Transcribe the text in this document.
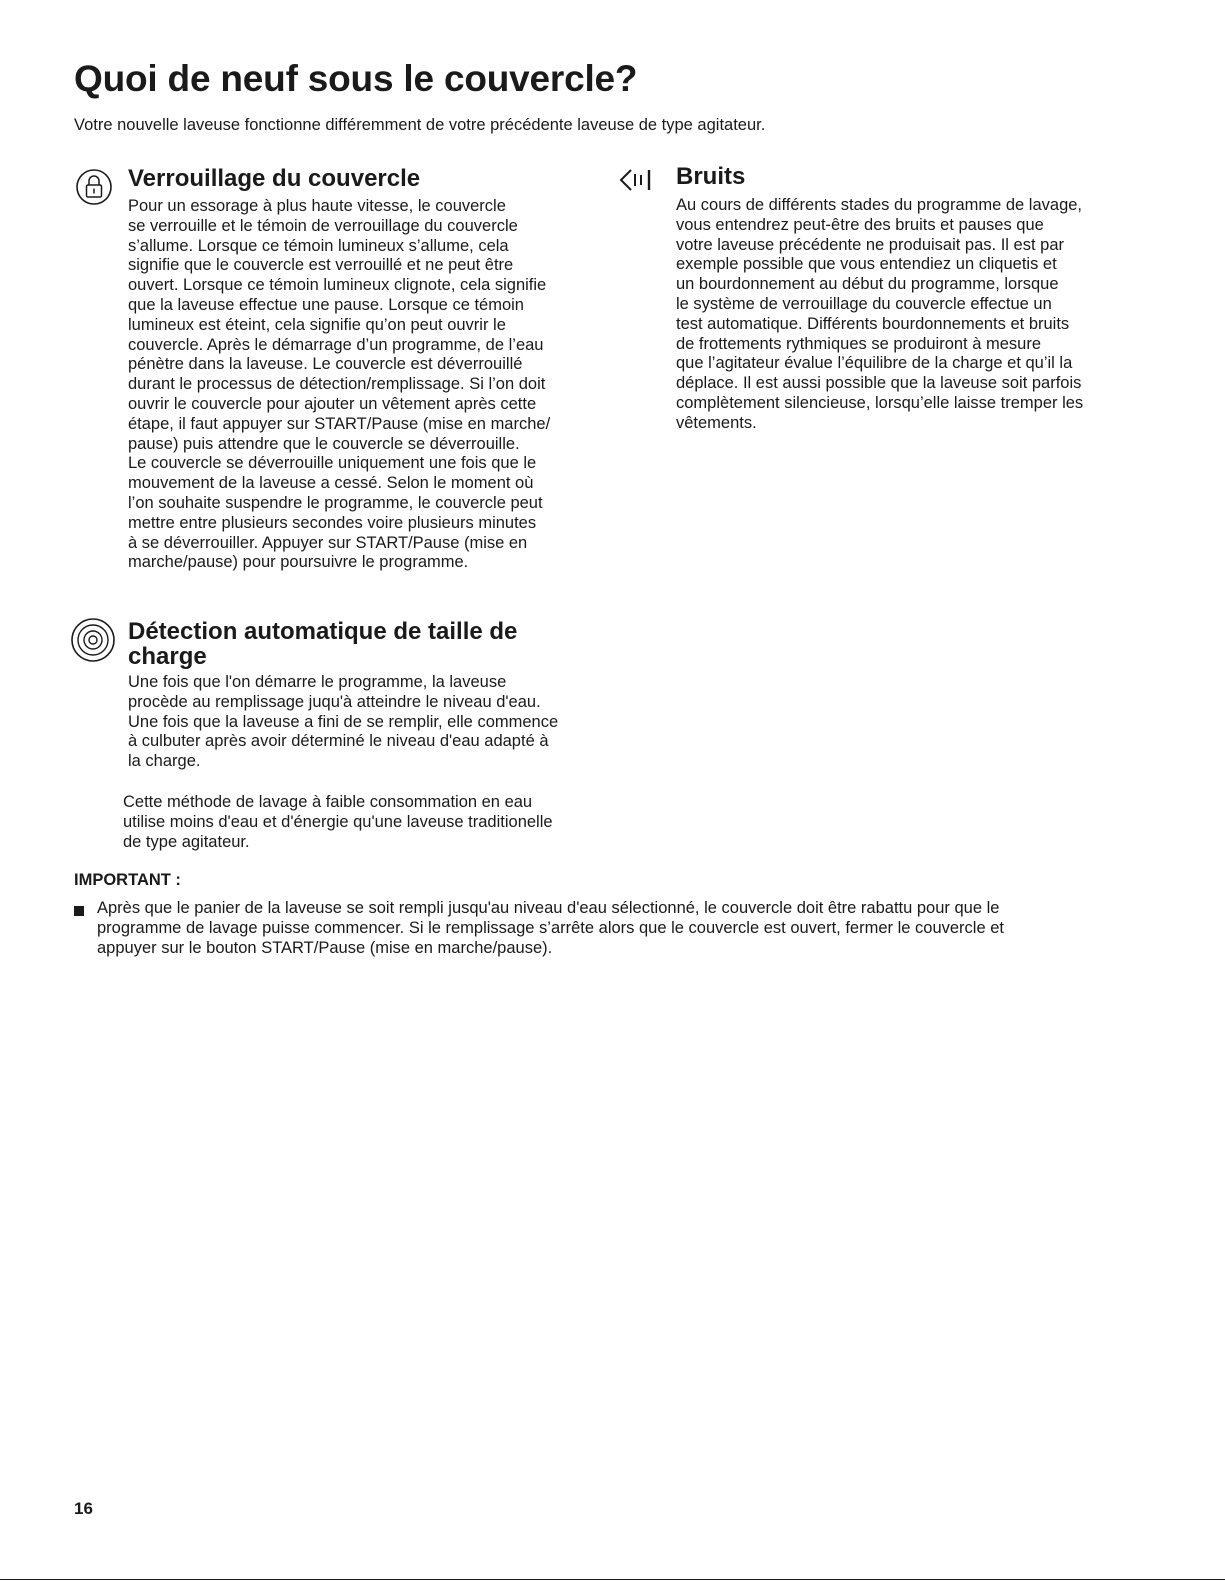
Quoi de neuf sous le couvercle?

Votre nouvelle laveuse fonctionne différemment de votre précédente laveuse de type agitateur.

Verrouillage du couvercle

Pour un essorage à plus haute vitesse, le couvercle
se verrouille et le témoin de verrouillage du couvercle
s’allume. Lorsque ce témoin lumineux s’allume, cela
signifie que le couvercle est verrouillé et ne peut être
ouvert. Lorsque ce témoin lumineux clignote, cela signifie
que la laveuse effectue une pause. Lorsque ce témoin
lumineux est éteint, cela signifie qu’on peut ouvrir le
couvercle. Après le démarrage d’un programme, de l’eau
pénètre dans la laveuse. Le couvercle est déverrouillé
durant le processus de détection/remplissage. Si l’on doit
ouvrir le couvercle pour ajouter un vêtement après cette
étape, il faut appuyer sur START/Pause (mise en marche/
pause) puis attendre que le couvercle se déverrouille.
Le couvercle se déverrouille uniquement une fois que le
mouvement de la laveuse a cessé. Selon le moment où
l’on souhaite suspendre le programme, le couvercle peut
mettre entre plusieurs secondes voire plusieurs minutes
à se déverrouiller. Appuyer sur START/Pause (mise en
marche/pause) pour poursuivre le programme.

Détection automatique de taille de
charge

Une fois que l'on démarre le programme, la laveuse
procède au remplissage juqu'à atteindre le niveau d'eau.
Une fois que la laveuse a fini de se remplir, elle commence
à culbuter après avoir déterminé le niveau d'eau adapté à
la charge.

Cette méthode de lavage à faible consommation en eau
utilise moins d'eau et d'énergie qu'une laveuse traditionelle
de type agitateur.

Bruits

Au cours de différents stades du programme de lavage,
vous entendrez peut-être des bruits et pauses que
votre laveuse précédente ne produisait pas. Il est par
exemple possible que vous entendiez un cliquetis et
un bourdonnement au début du programme, lorsque
le système de verrouillage du couvercle effectue un
test automatique. Différents bourdonnements et bruits
de frottements rythmiques se produiront à mesure
que l’agitateur évalue l’équilibre de la charge et qu’il la
déplace. Il est aussi possible que la laveuse soit parfois
complètement silencieuse, lorsqu’elle laisse tremper les
vêtements.

IMPORTANT :

Après que le panier de la laveuse se soit rempli jusqu'au niveau d'eau sélectionné, le couvercle doit être rabattu pour que le
programme de lavage puisse commencer. Si le remplissage s’arrête alors que le couvercle est ouvert, fermer le couvercle et
appuyer sur le bouton START/Pause (mise en marche/pause).

16
